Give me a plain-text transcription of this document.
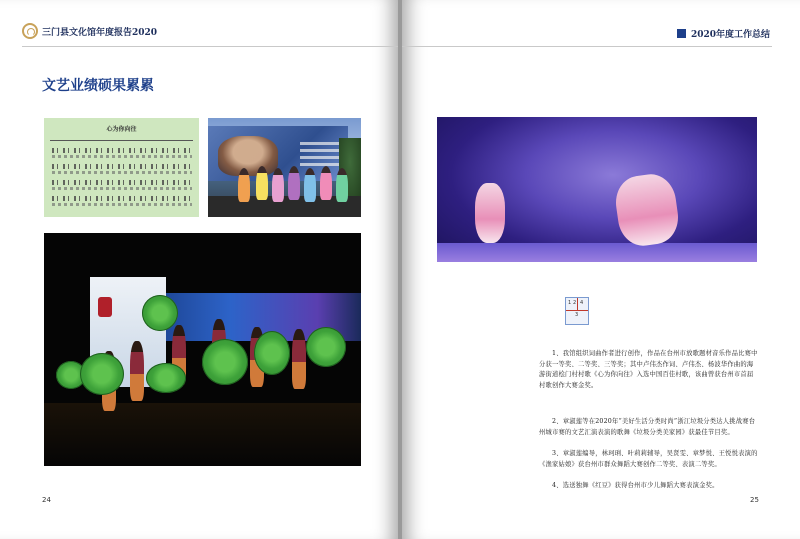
三门县文化馆年度报告2020
文艺业绩硕果累累
24
2020年度工作总结
25
心为你向往
1 2 4
3
1、我馆组织词曲作者进行创作，作品在台州市放歌题材音乐作品比赛中分获一等奖、二等奖、三等奖；其中卢伟杰作词、卢伟杰、杨波华作曲的海游街道桧门村村歌《心为你向往》入选中国百佳村歌，该曲曾获台州市首届村歌创作大赛金奖。
2、章淑莲等在2020年“美好生活分类时尚”浙江垃圾分类达人挑战赛台州城市赛的文艺汇演表演的歌舞《垃圾分类美家园》获最佳节目奖。
3、章淑莲编导，林珂琍、叶莉莉辅导，吴贤雯、章梦悦、王悦悦表演的《渔家姑娘》获台州市群众舞蹈大赛创作二等奖、表演二等奖。
4、选送独舞《红豆》获得台州市少儿舞蹈大赛表演金奖。
